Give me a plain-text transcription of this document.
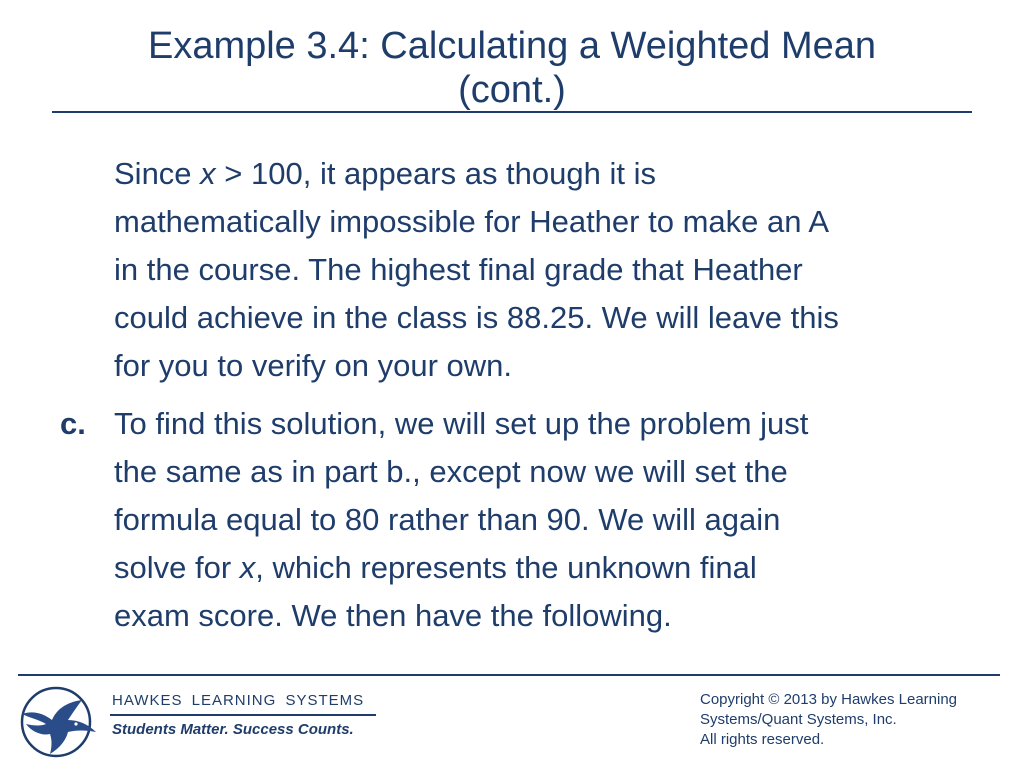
Example 3.4: Calculating a Weighted Mean
(cont.)
Since x > 100, it appears as though it is
mathematically impossible for Heather to make an A
in the course. The highest final grade that Heather
could achieve in the class is 88.25. We will leave this
for you to verify on your own.
c. To find this solution, we will set up the problem just
the same as in part b., except now we will set the
formula equal to 80 rather than 90. We will again
solve for x, which represents the unknown final
exam score. We then have the following.
HAWKES LEARNING SYSTEMS
Students Matter. Success Counts.
Copyright © 2013 by Hawkes Learning
Systems/Quant Systems, Inc.
All rights reserved.
